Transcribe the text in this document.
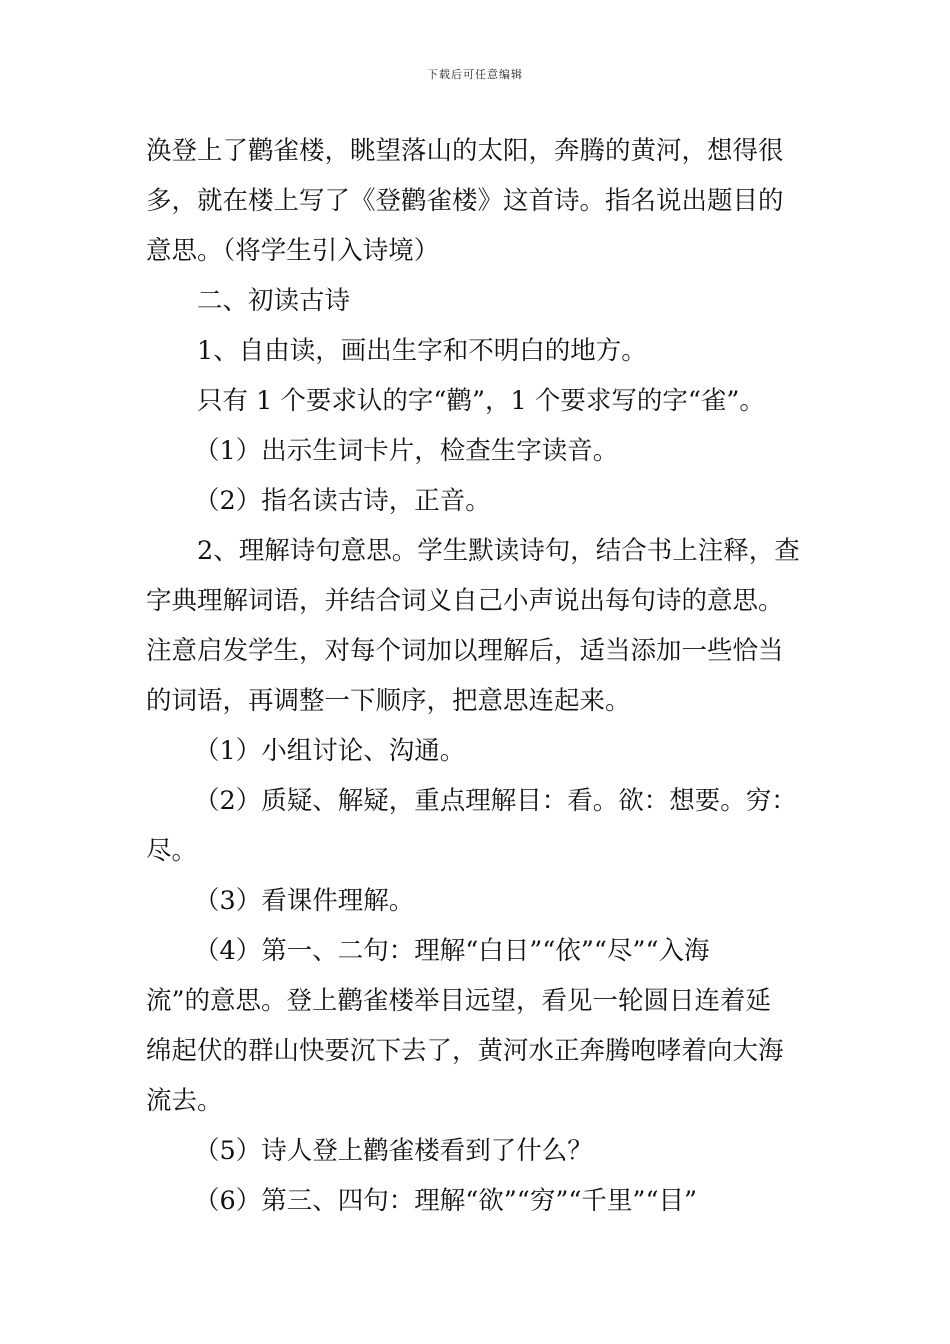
下载后可任意编辑

涣登上了鹳雀楼，眺望落山的太阳，奔腾的黄河，想得很

多，就在楼上写了《登鹳雀楼》这首诗。指名说出题目的

意思。（将学生引入诗境）

二、初读古诗

1、自由读，画出生字和不明白的地方。

只有 1 个要求认的字“鹳”，1 个要求写的字“雀”。

（1）出示生词卡片，检查生字读音。

（2）指名读古诗，正音。

2、理解诗句意思。学生默读诗句，结合书上注释，查

字典理解词语，并结合词义自己小声说出每句诗的意思。

注意启发学生，对每个词加以理解后，适当添加一些恰当

的词语，再调整一下顺序，把意思连起来。

（1）小组讨论、沟通。

（2）质疑、解疑，重点理解目：看。欲：想要。穷：

尽。

（3）看课件理解。

（4）第一、二句：理解“白日”“依”“尽”“入海

流”的意思。登上鹳雀楼举目远望，看见一轮圆日连着延

绵起伏的群山快要沉下去了，黄河水正奔腾咆哮着向大海

流去。

（5）诗人登上鹳雀楼看到了什么？

（6）第三、四句：理解“欲”“穷”“千里”“目”
